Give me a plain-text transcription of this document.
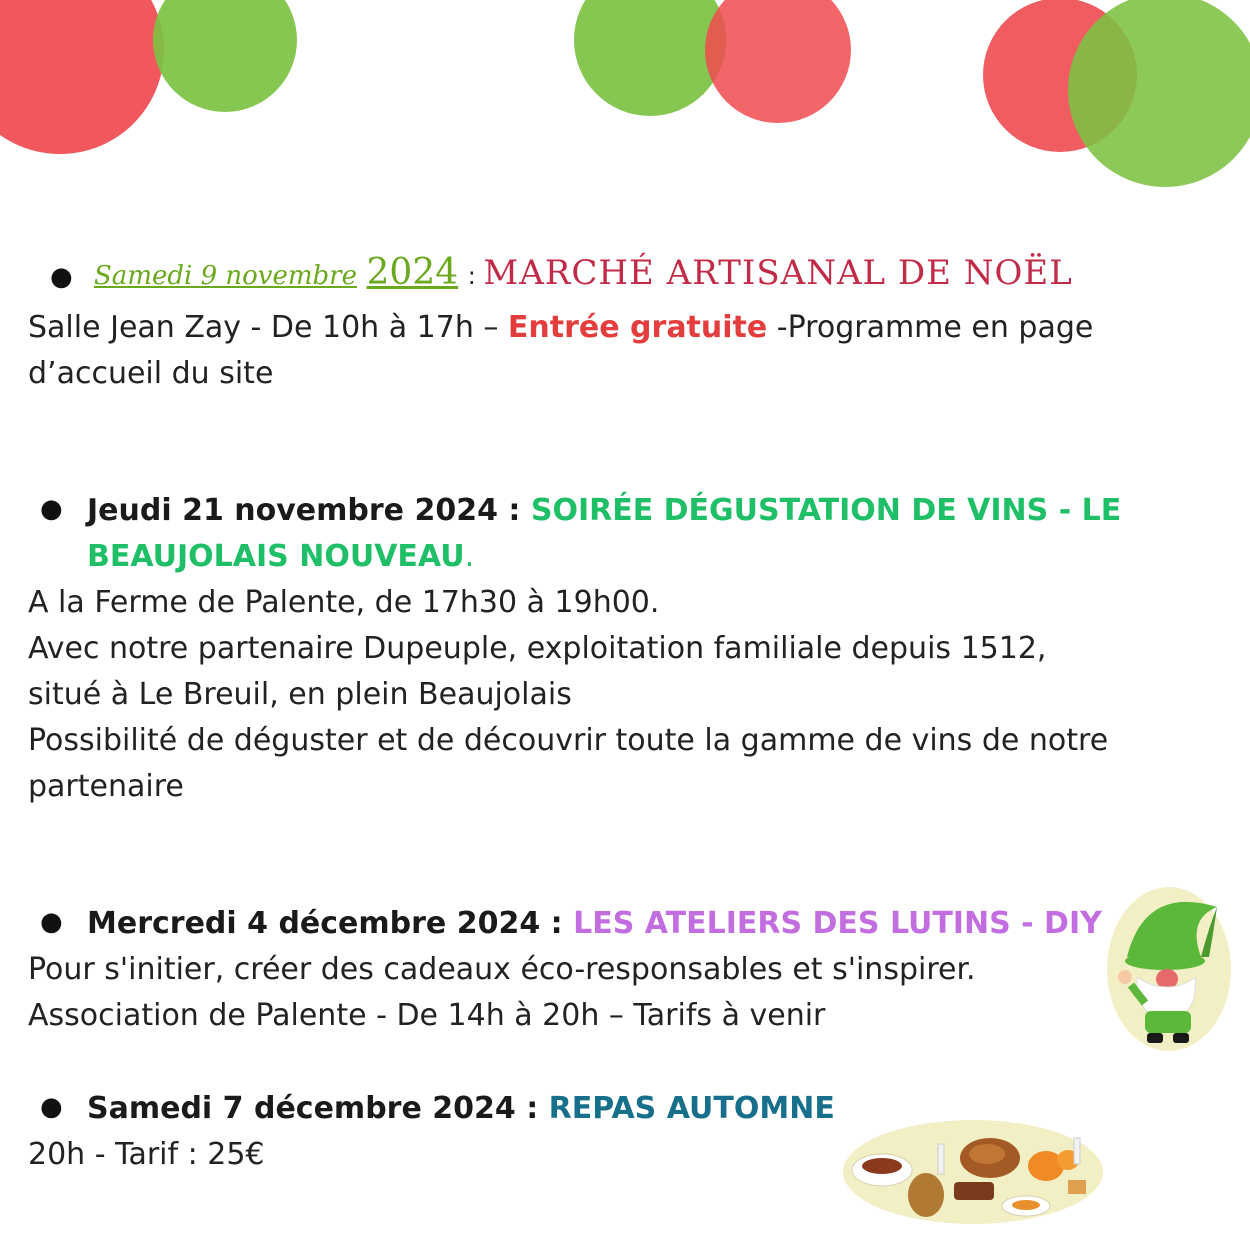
● Samedi 9 novembre 2024 : MARCHÉ ARTISANAL DE NOËL
Salle Jean Zay - De 10h à 17h – Entrée gratuite -Programme en page
d’accueil du site
● Jeudi 21 novembre 2024 : SOIRÉE DÉGUSTATION DE VINS - LE
BEAUJOLAIS NOUVEAU.
A la Ferme de Palente, de 17h30 à 19h00.
Avec notre partenaire Dupeuple, exploitation familiale depuis 1512,
situé à Le Breuil, en plein Beaujolais
Possibilité de déguster et de découvrir toute la gamme de vins de notre
partenaire
● Mercredi 4 décembre 2024 : LES ATELIERS DES LUTINS - DIY
Pour s'initier, créer des cadeaux éco-responsables et s'inspirer.
Association de Palente - De 14h à 20h – Tarifs à venir
● Samedi 7 décembre 2024 : REPAS AUTOMNE
20h - Tarif : 25€
